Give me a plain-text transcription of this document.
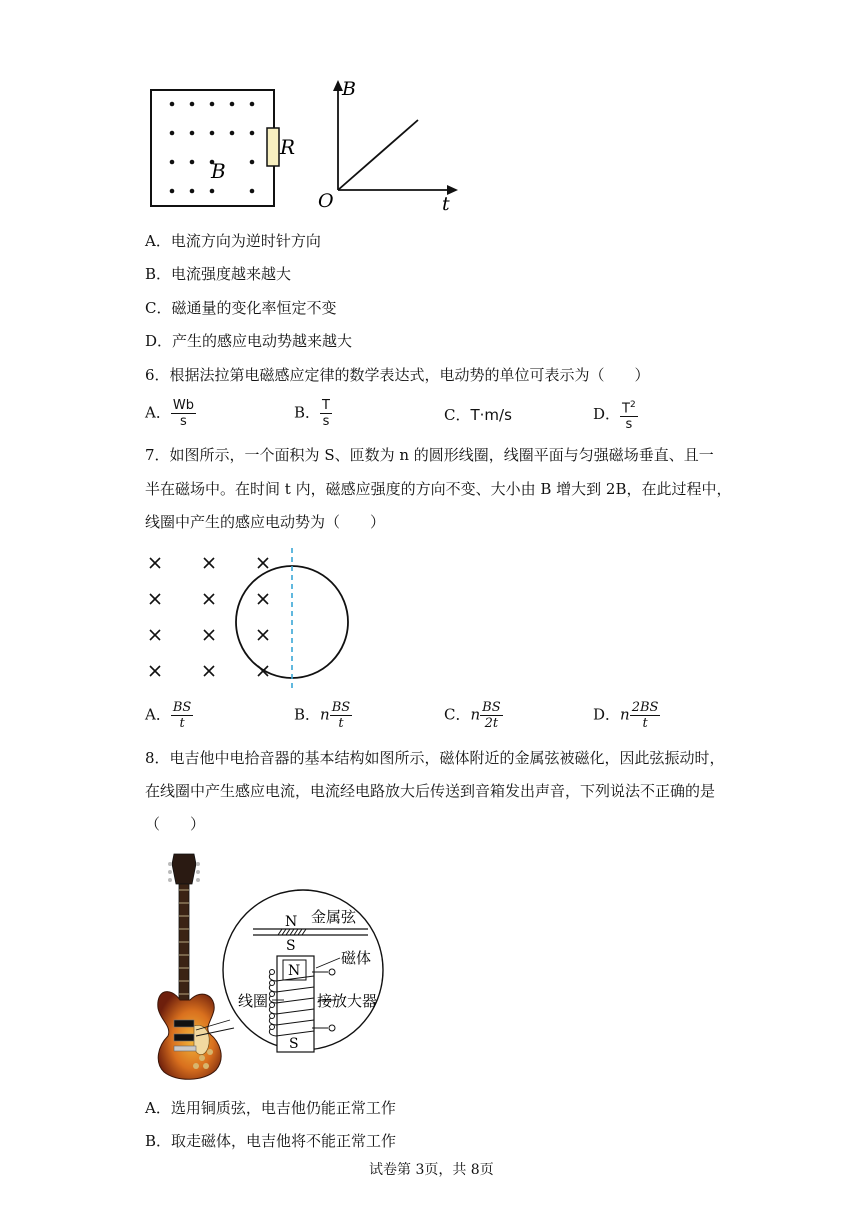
B
R
B
t
O
A．电流方向为逆时针方向
B．电流强度越来越大
C．磁通量的变化率恒定不变
D．产生的感应电动势越来越大
6．根据法拉第电磁感应定律的数学表达式，电动势的单位可表示为（　　）
A． $\frac{Wb}{s}$	B． $\frac{T}{s}$	C．T·m/s	D． $\frac{T^2}{s}$
7．如图所示，一个面积为 S、匝数为 n 的圆形线圈，线圈平面与匀强磁场垂直、且一
半在磁场中。在时间 t 内，磁感应强度的方向不变、大小由 B 增大到 2B，在此过程中，
线圈中产生的感应电动势为（　　）
A． $\frac{BS}{t}$	B．n $\frac{BS}{t}$	C．n $\frac{BS}{2t}$	D．n $\frac{2BS}{t}$
8．电吉他中电拾音器的基本结构如图所示，磁体附近的金属弦被磁化，因此弦振动时，
在线圈中产生感应电流，电流经电路放大后传送到音箱发出声音，下列说法不正确的是
（　　）
N
S
金属弦
N
S
磁体
接放大器
线圈
A．选用铜质弦，电吉他仍能正常工作
B．取走磁体，电吉他将不能正常工作
试卷第 3页，共 8页
